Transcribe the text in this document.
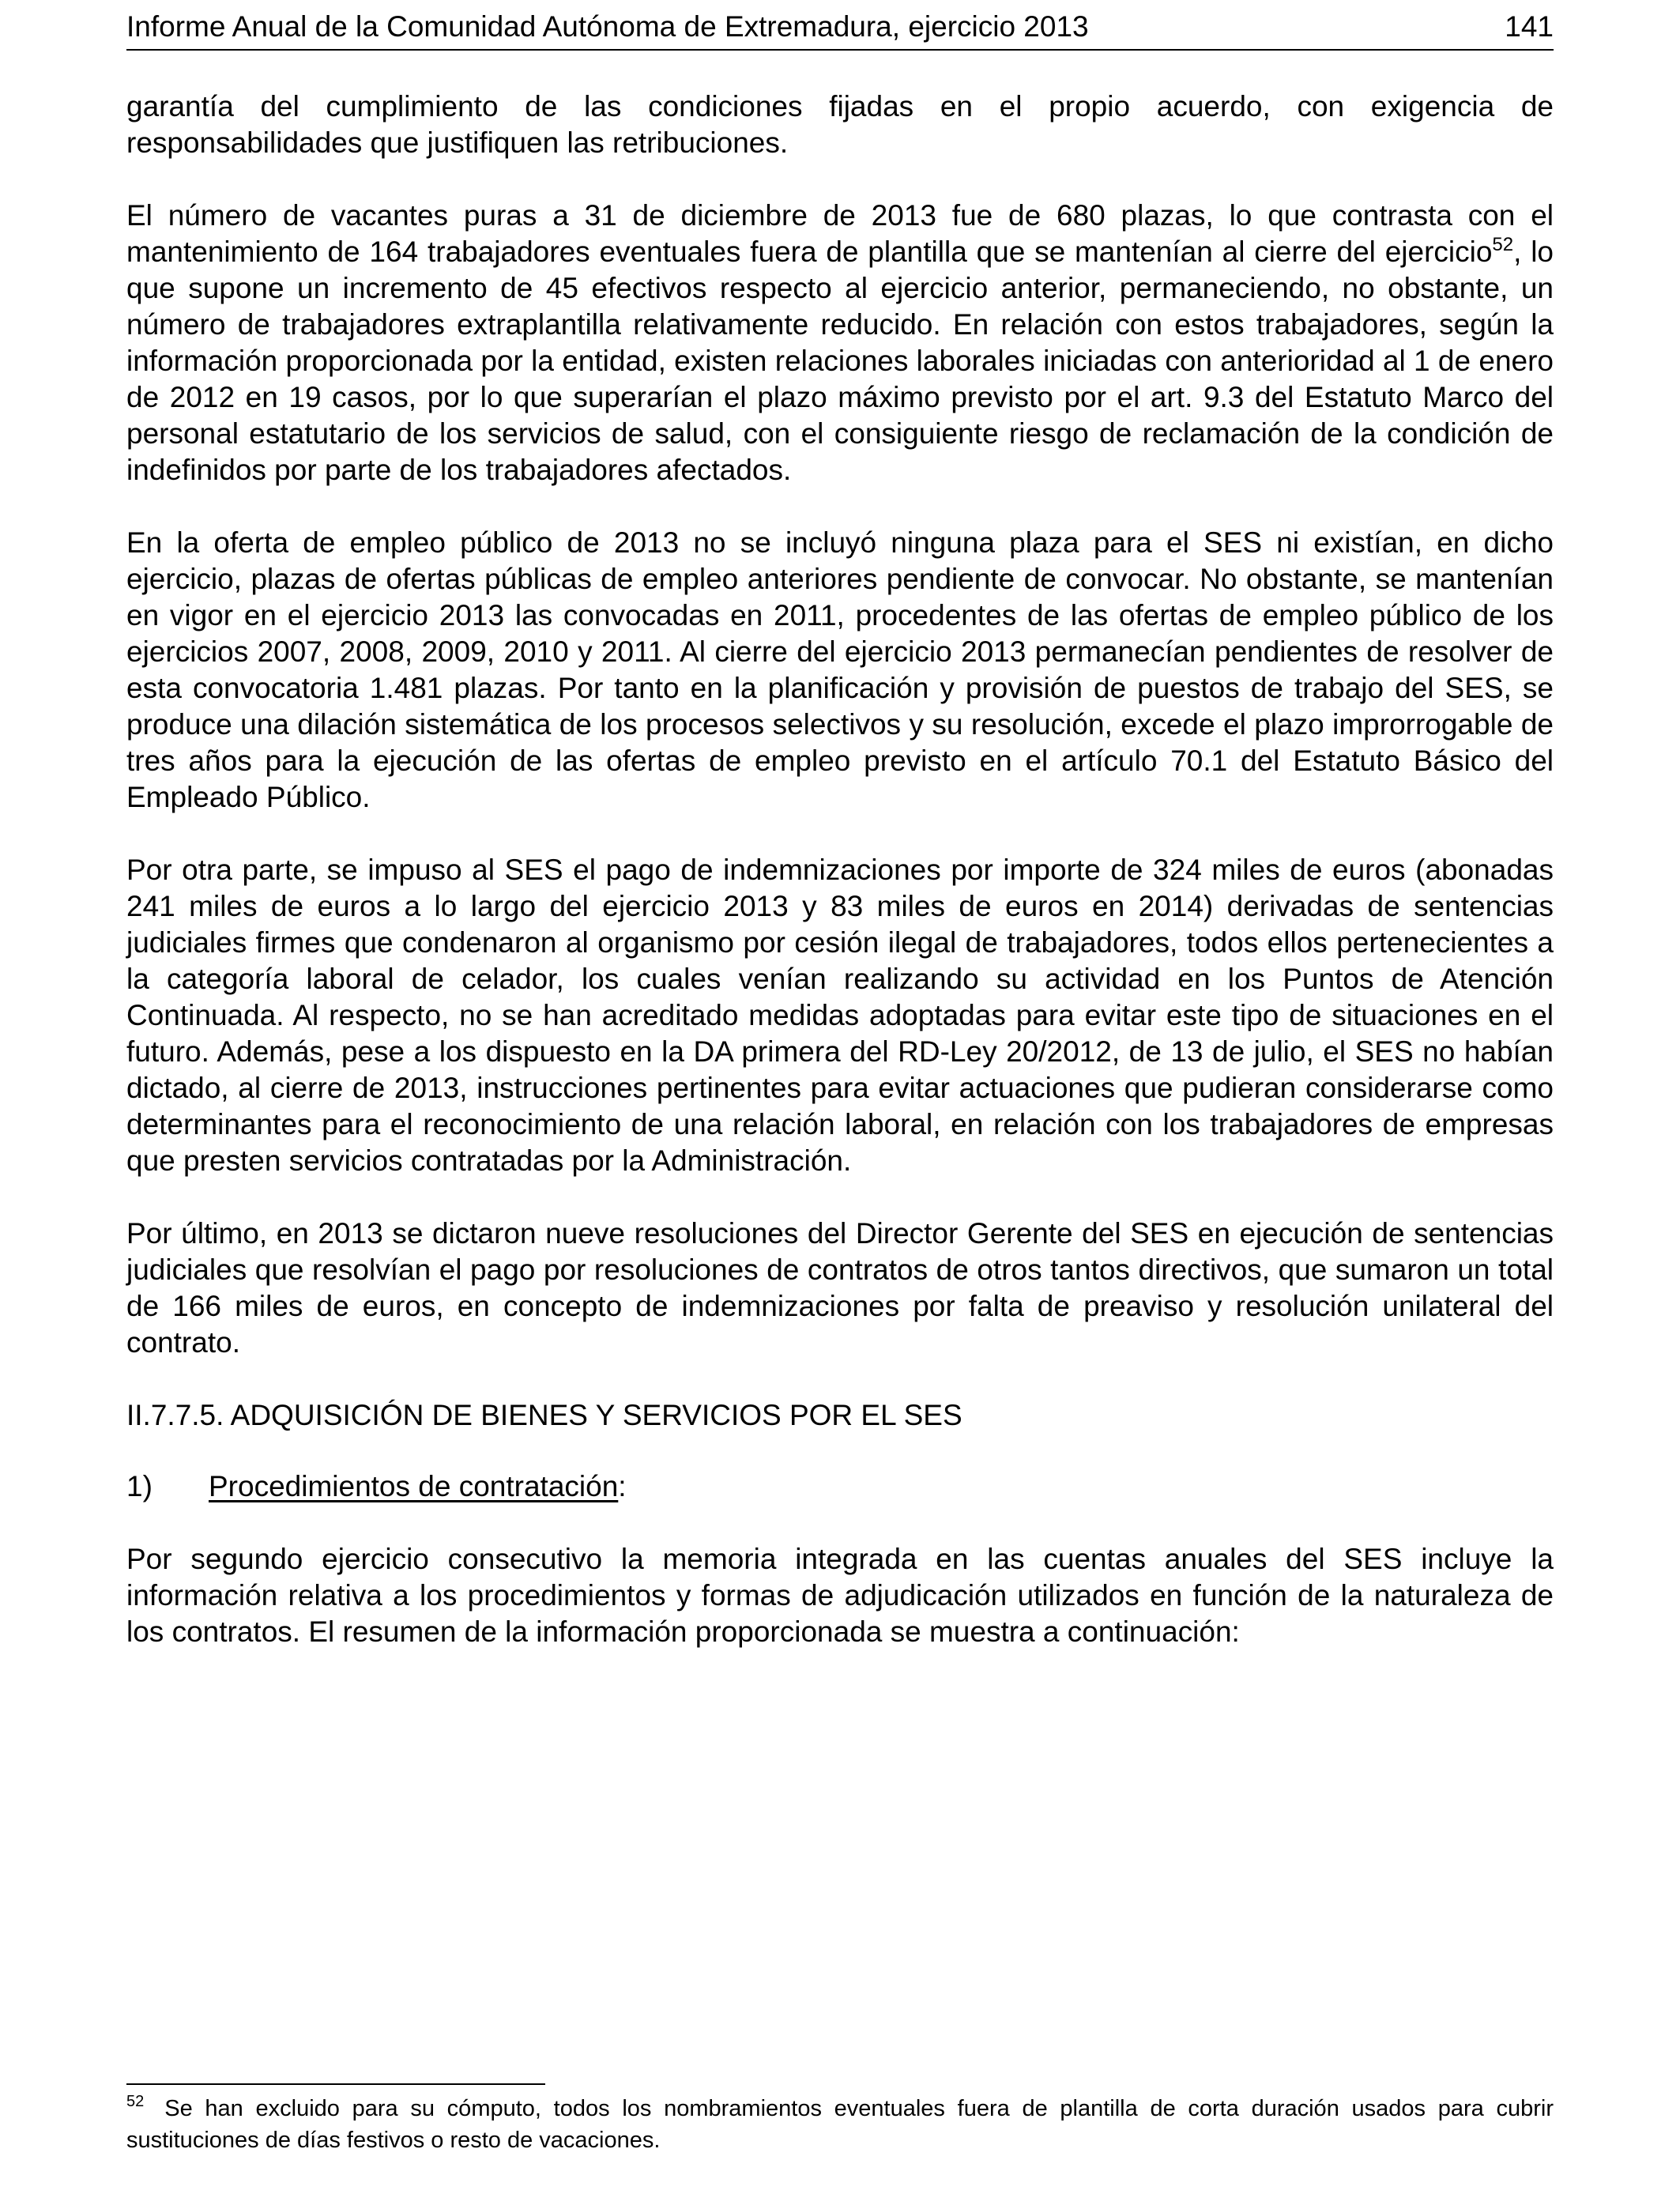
Informe Anual de la Comunidad Autónoma de Extremadura, ejercicio 2013	141

garantía del cumplimiento de las condiciones fijadas en el propio acuerdo, con exigencia de responsabilidades que justifiquen las retribuciones.

El número de vacantes puras a 31 de diciembre de 2013 fue de 680 plazas, lo que contrasta con el mantenimiento de 164 trabajadores eventuales fuera de plantilla que se mantenían al cierre del ejercicio$^{52}$, lo que supone un incremento de 45 efectivos respecto al ejercicio anterior, permaneciendo, no obstante, un número de trabajadores extraplantilla relativamente reducido. En relación con estos trabajadores, según la información proporcionada por la entidad, existen relaciones laborales iniciadas con anterioridad al 1 de enero de 2012 en 19 casos, por lo que superarían el plazo máximo previsto por el art. 9.3 del Estatuto Marco del personal estatutario de los servicios de salud, con el consiguiente riesgo de reclamación de la condición de indefinidos por parte de los trabajadores afectados.

En la oferta de empleo público de 2013 no se incluyó ninguna plaza para el SES ni existían, en dicho ejercicio, plazas de ofertas públicas de empleo anteriores pendiente de convocar. No obstante, se mantenían en vigor en el ejercicio 2013 las convocadas en 2011, procedentes de las ofertas de empleo público de los ejercicios 2007, 2008, 2009, 2010 y 2011. Al cierre del ejercicio 2013 permanecían pendientes de resolver de esta convocatoria 1.481 plazas. Por tanto en la planificación y provisión de puestos de trabajo del SES, se produce una dilación sistemática de los procesos selectivos y su resolución, excede el plazo improrrogable de tres años para la ejecución de las ofertas de empleo previsto en el artículo 70.1 del Estatuto Básico del Empleado Público.

Por otra parte, se impuso al SES el pago de indemnizaciones por importe de 324 miles de euros (abonadas 241 miles de euros a lo largo del ejercicio 2013 y 83 miles de euros en 2014) derivadas de sentencias judiciales firmes que condenaron al organismo por cesión ilegal de trabajadores, todos ellos pertenecientes a la categoría laboral de celador, los cuales venían realizando su actividad en los Puntos de Atención Continuada. Al respecto, no se han acreditado medidas adoptadas para evitar este tipo de situaciones en el futuro. Además, pese a los dispuesto en la DA primera del RD-Ley 20/2012, de 13 de julio, el SES no habían dictado, al cierre de 2013, instrucciones pertinentes para evitar actuaciones que pudieran considerarse como determinantes para el reconocimiento de una relación laboral, en relación con los trabajadores de empresas que presten servicios contratadas por la Administración.

Por último, en 2013 se dictaron nueve resoluciones del Director Gerente del SES en ejecución de sentencias judiciales que resolvían el pago por resoluciones de contratos de otros tantos directivos, que sumaron un total de 166 miles de euros, en concepto de indemnizaciones por falta de preaviso y resolución unilateral del contrato.

II.7.7.5. ADQUISICIÓN DE BIENES Y SERVICIOS POR EL SES
1) Procedimientos de contratación:

Por segundo ejercicio consecutivo la memoria integrada en las cuentas anuales del SES incluye la información relativa a los procedimientos y formas de adjudicación utilizados en función de la naturaleza de los contratos. El resumen de la información proporcionada se muestra a continuación:

$^{52}$ Se han excluido para su cómputo, todos los nombramientos eventuales fuera de plantilla de corta duración usados para cubrir sustituciones de días festivos o resto de vacaciones.
